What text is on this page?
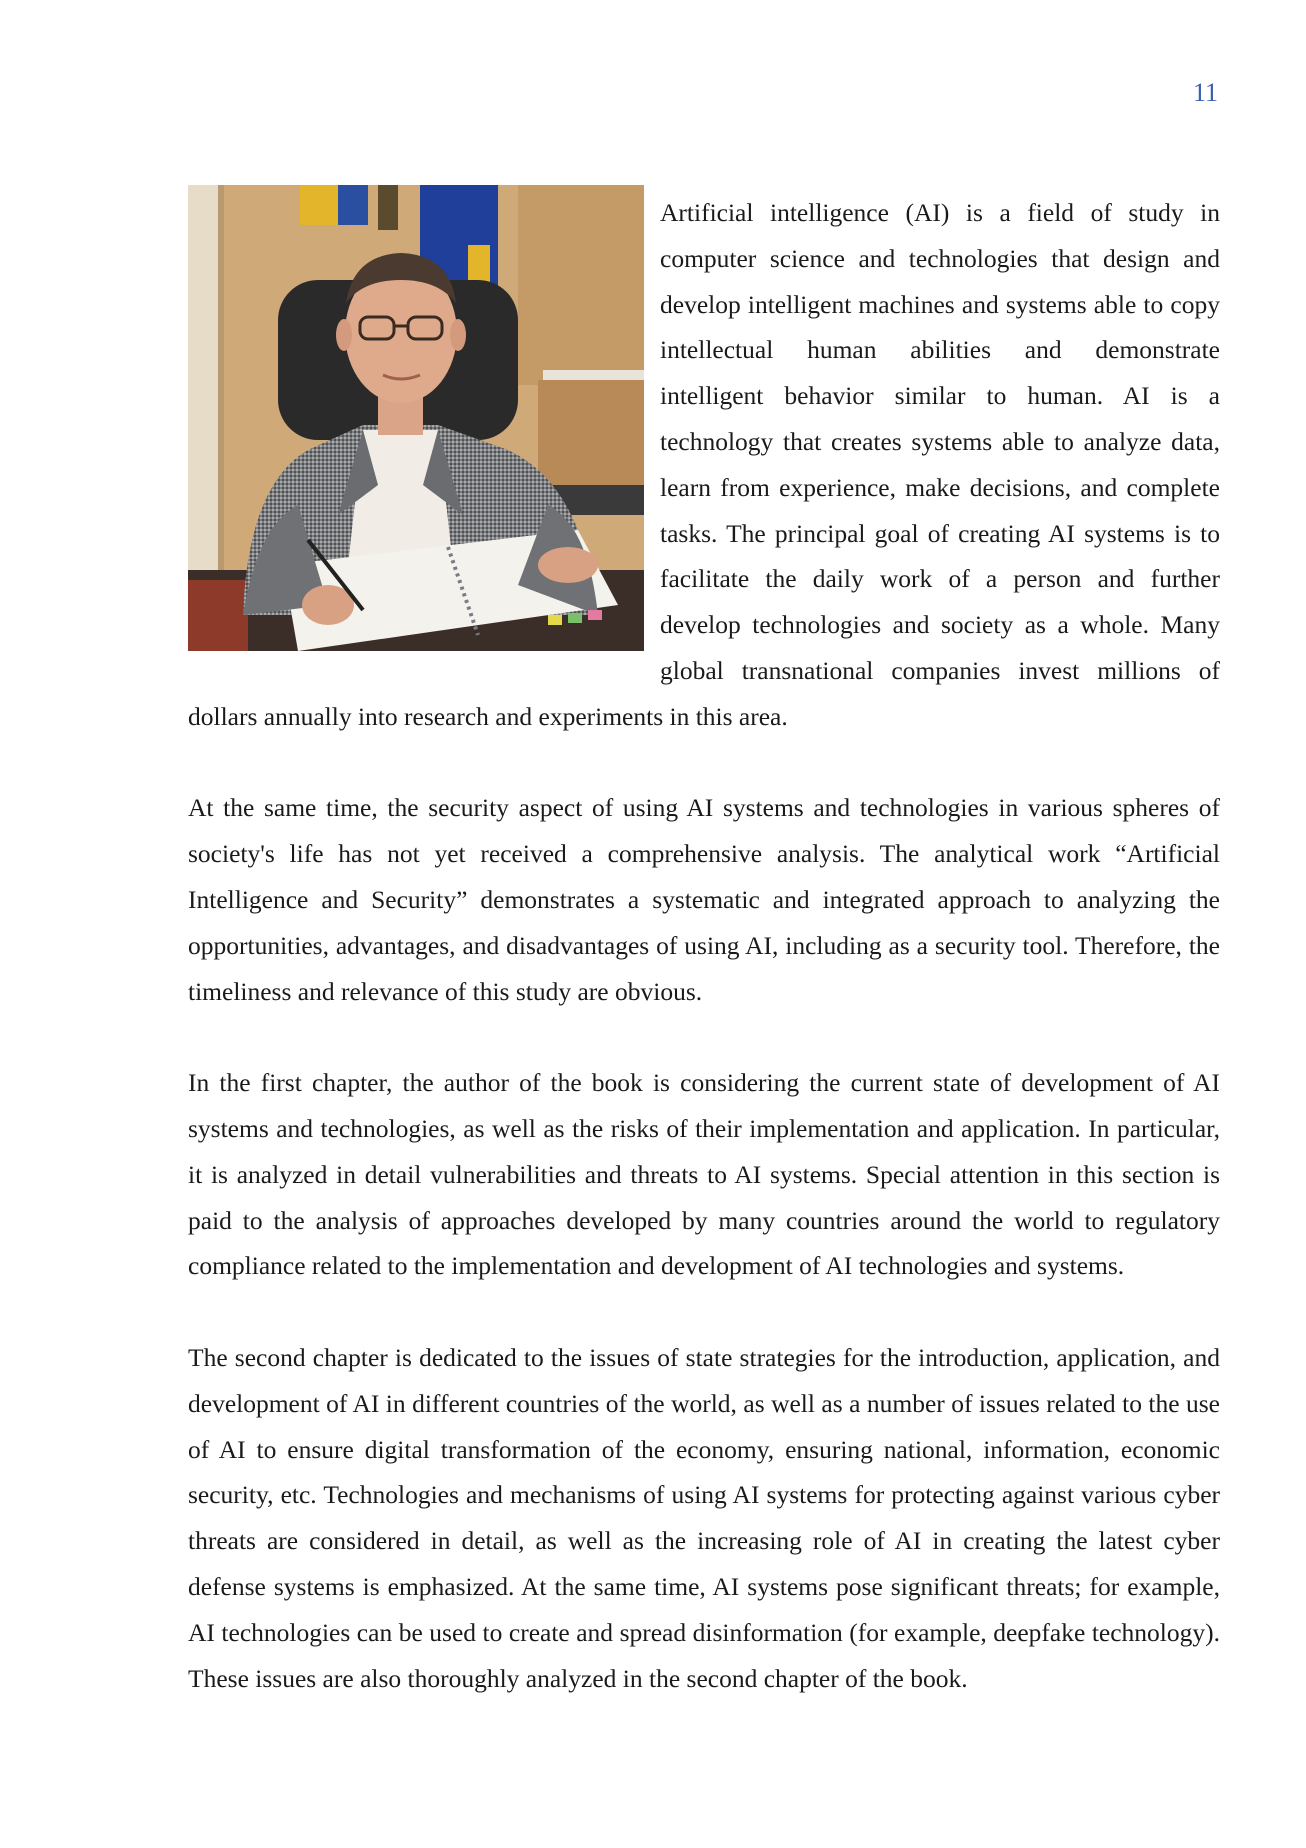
11

Artificial intelligence (AI) is a field of study in computer science and technologies that design and develop intelligent machines and systems able to copy intellectual human abilities and demonstrate intelligent behavior similar to human. AI is a technology that creates systems able to analyze data, learn from experience, make decisions, and complete tasks. The principal goal of creating AI systems is to facilitate the daily work of a person and further develop technologies and society as a whole. Many global transnational companies invest millions of dollars annually into research and experiments in this area.

At the same time, the security aspect of using AI systems and technologies in various spheres of society's life has not yet received a comprehensive analysis. The analytical work “Artificial Intelligence and Security” demonstrates a systematic and integrated approach to analyzing the opportunities, advantages, and disadvantages of using AI, including as a security tool. Therefore, the timeliness and relevance of this study are obvious.

In the first chapter, the author of the book is considering the current state of development of AI systems and technologies, as well as the risks of their implementation and application. In particular, it is analyzed in detail vulnerabilities and threats to AI systems. Special attention in this section is paid to the analysis of approaches developed by many countries around the world to regulatory compliance related to the implementation and development of AI technologies and systems.

The second chapter is dedicated to the issues of state strategies for the introduction, application, and development of AI in different countries of the world, as well as a number of issues related to the use of AI to ensure digital transformation of the economy, ensuring national, information, economic security, etc. Technologies and mechanisms of using AI systems for protecting against various cyber threats are considered in detail, as well as the increasing role of AI in creating the latest cyber defense systems is emphasized. At the same time, AI systems pose significant threats; for example, AI technologies can be used to create and spread disinformation (for example, deepfake technology). These issues are also thoroughly analyzed in the second chapter of the book.
